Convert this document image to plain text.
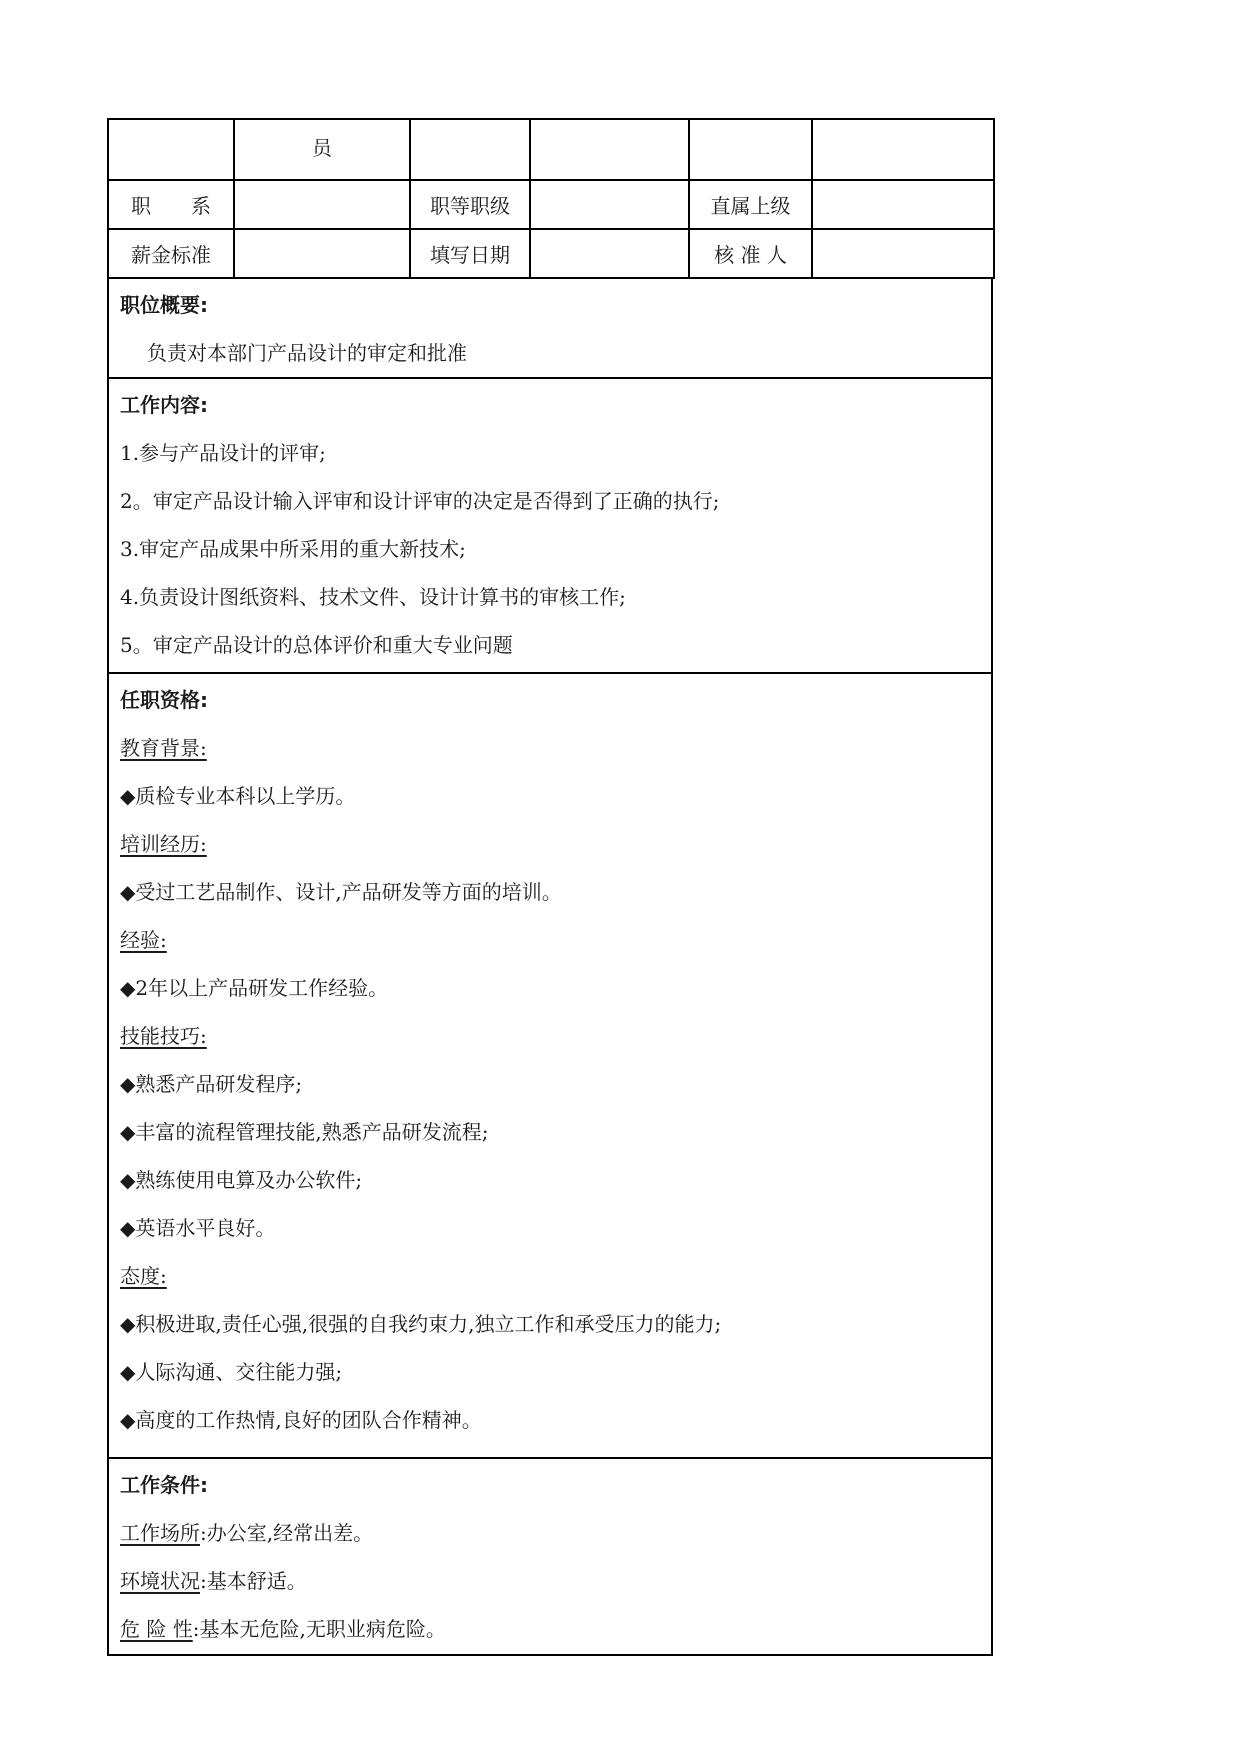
	员				
职　　系		职等职级		直属上级	
薪金标准		填写日期		核 准 人	
职位概要:
负责对本部门产品设计的审定和批准
工作内容:
1.参与产品设计的评审;
2。审定产品设计输入评审和设计评审的决定是否得到了正确的执行;
3.审定产品成果中所采用的重大新技术;
4.负责设计图纸资料、技术文件、设计计算书的审核工作;
5。审定产品设计的总体评价和重大专业问题
任职资格:
教育背景:
◆质检专业本科以上学历。
培训经历:
◆受过工艺品制作、设计,产品研发等方面的培训。
经验:
◆2年以上产品研发工作经验。
技能技巧:
◆熟悉产品研发程序;
◆丰富的流程管理技能,熟悉产品研发流程;
◆熟练使用电算及办公软件;
◆英语水平良好。
态度:
◆积极进取,责任心强,很强的自我约束力,独立工作和承受压力的能力;
◆人际沟通、交往能力强;
◆高度的工作热情,良好的团队合作精神。
工作条件:
工作场所:办公室,经常出差。
环境状况:基本舒适。
危 险 性:基本无危险,无职业病危险。
